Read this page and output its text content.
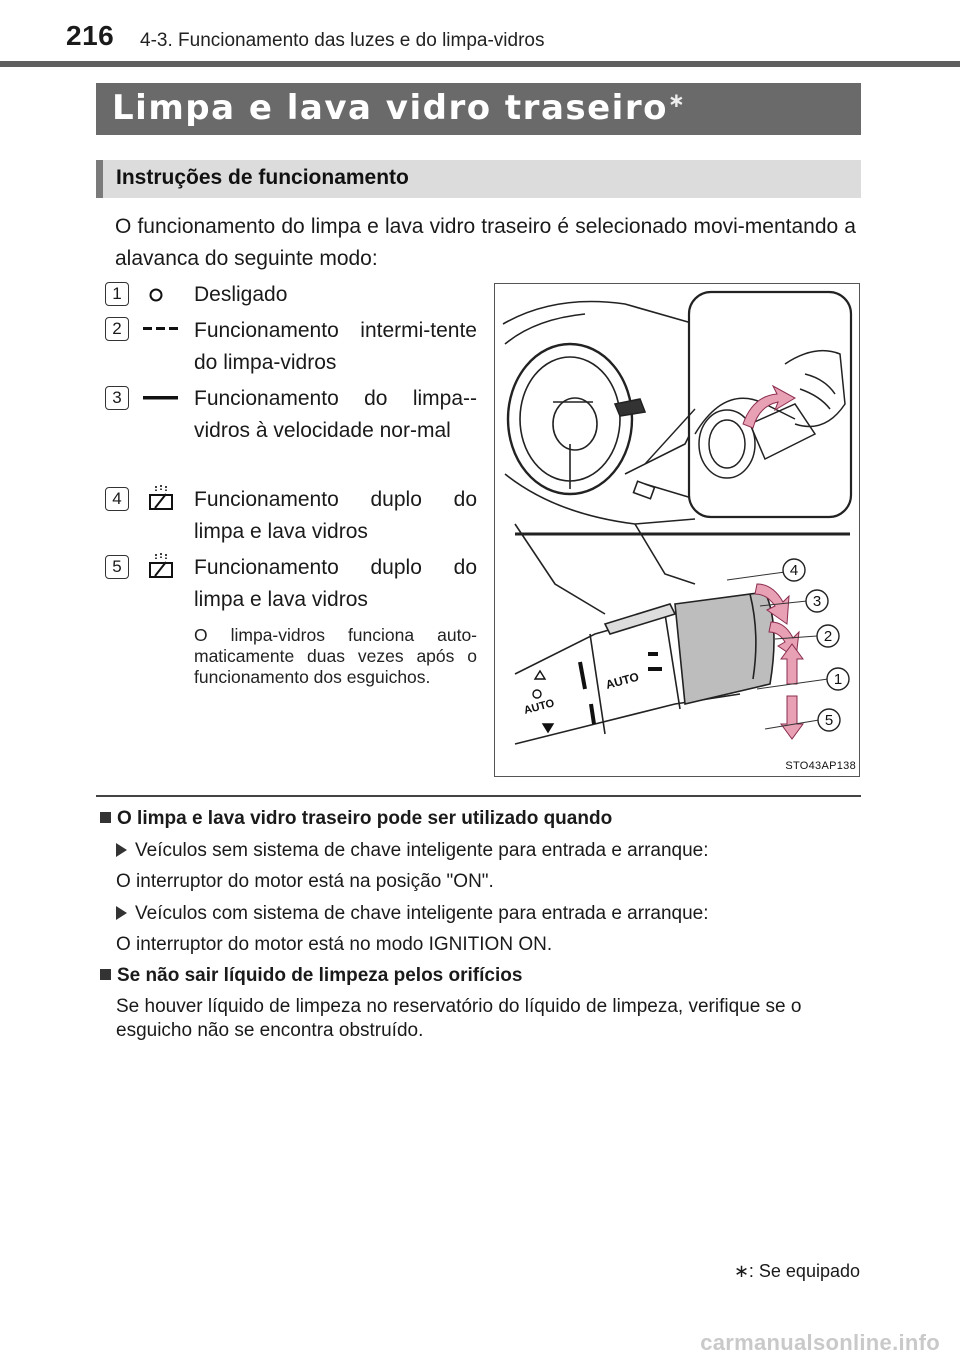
216 4-3. Funcionamento das luzes e do limpa-vidros
Limpa e lava vidro traseiro∗
Instruções de funcionamento
O funcionamento do limpa e lava vidro traseiro é selecionado movi-mentando a alavanca do seguinte modo:
1	Desligado
2	Funcionamento intermi-tente do limpa-vidros
3	Funcionamento do limpa--vidros à velocidade nor-mal
4	Funcionamento duplo do limpa e lava vidros
5	Funcionamento duplo do limpa e lava vidros
O limpa-vidros funciona auto-maticamente duas vezes após o funcionamento dos esguichos.	AUTO
AUTO
4
3
2
1
5
STO43AP138
O limpa e lava vidro traseiro pode ser utilizado quando
Veículos sem sistema de chave inteligente para entrada e arranque:
O interruptor do motor está na posição "ON".
Veículos com sistema de chave inteligente para entrada e arranque:
O interruptor do motor está no modo IGNITION ON.
Se não sair líquido de limpeza pelos orifícios
Se houver líquido de limpeza no reservatório do líquido de limpeza, verifique se o esguicho não se encontra obstruído.
∗: Se equipado
carmanualsonline.info
